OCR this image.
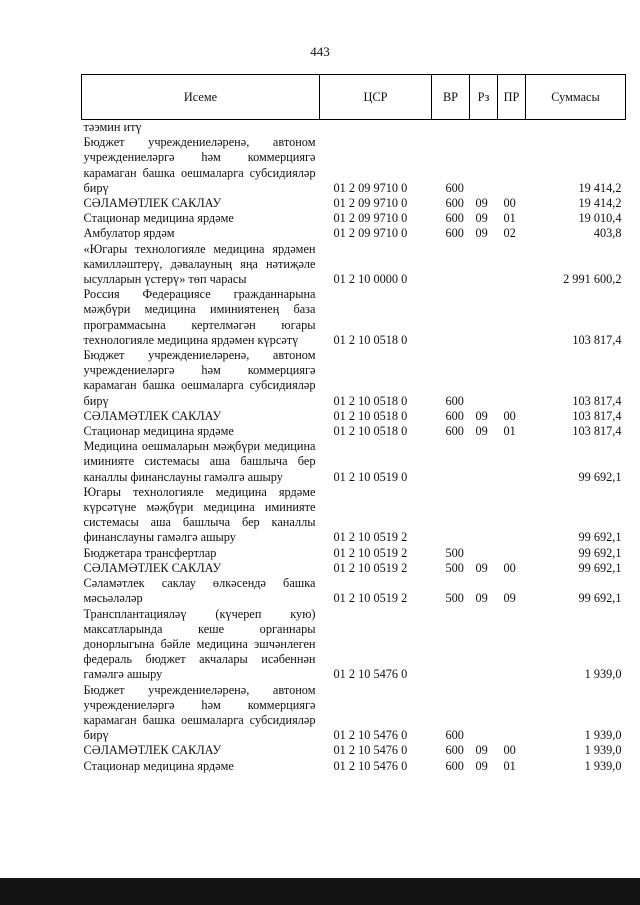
443
Исеме	ЦСР	ВР	Рз	ПР	Суммасы
тәэмин итү					
Бюджет учреждениеләренә, автоном учреждениеләргә һәм коммерциягә карамаган башка оешмаларга субсидияләр бирү	01 2 09 9710 0	600			19 414,2
СӘЛАМӘТЛЕК САКЛАУ	01 2 09 9710 0	600	09	00	19 414,2
Стационар медицина ярдәме	01 2 09 9710 0	600	09	01	19 010,4
Амбулатор ярдәм	01 2 09 9710 0	600	09	02	403,8
«Югары технологияле медицина ярдәмен камилләштерү, дәвалауның яңа нәтиҗәле ысулларын үстерү» төп чарасы	01 2 10 0000 0				2 991 600,2
Россия Федерациясе гражданнарына мәҗбүри медицина иминиятенең база программасына кертелмәгән югары технологияле медицина ярдәмен күрсәтү	01 2 10 0518 0				103 817,4
Бюджет учреждениеләренә, автоном учреждениеләргә һәм коммерциягә карамаган башка оешмаларга субсидияләр бирү	01 2 10 0518 0	600			103 817,4
СӘЛАМӘТЛЕК САКЛАУ	01 2 10 0518 0	600	09	00	103 817,4
Стационар медицина ярдәме	01 2 10 0518 0	600	09	01	103 817,4
Медицина оешмаларын мәҗбүри медицина иминияте системасы аша башлыча бер каналлы финанслауны гамәлгә ашыру	01 2 10 0519 0				99 692,1
Югары технологияле медицина ярдәме күрсәтүне мәҗбүри медицина иминияте системасы аша башлыча бер каналлы финанслауны гамәлгә ашыру	01 2 10 0519 2				99 692,1
Бюджетара трансфертлар	01 2 10 0519 2	500			99 692,1
СӘЛАМӘТЛЕК САКЛАУ	01 2 10 0519 2	500	09	00	99 692,1
Сәламәтлек саклау өлкәсендә башка мәсьәләләр	01 2 10 0519 2	500	09	09	99 692,1
Трансплантацияләү (күчереп кую) максатларында кеше органнары донорлыгына бәйле медицина эшчәнлеген федераль бюджет акчалары исәбеннән гамәлгә ашыру	01 2 10 5476 0				1 939,0
Бюджет учреждениеләренә, автоном учреждениеләргә һәм коммерциягә карамаган башка оешмаларга субсидияләр бирү	01 2 10 5476 0	600			1 939,0
СӘЛАМӘТЛЕК САКЛАУ	01 2 10 5476 0	600	09	00	1 939,0
Стационар медицина ярдәме	01 2 10 5476 0	600	09	01	1 939,0
